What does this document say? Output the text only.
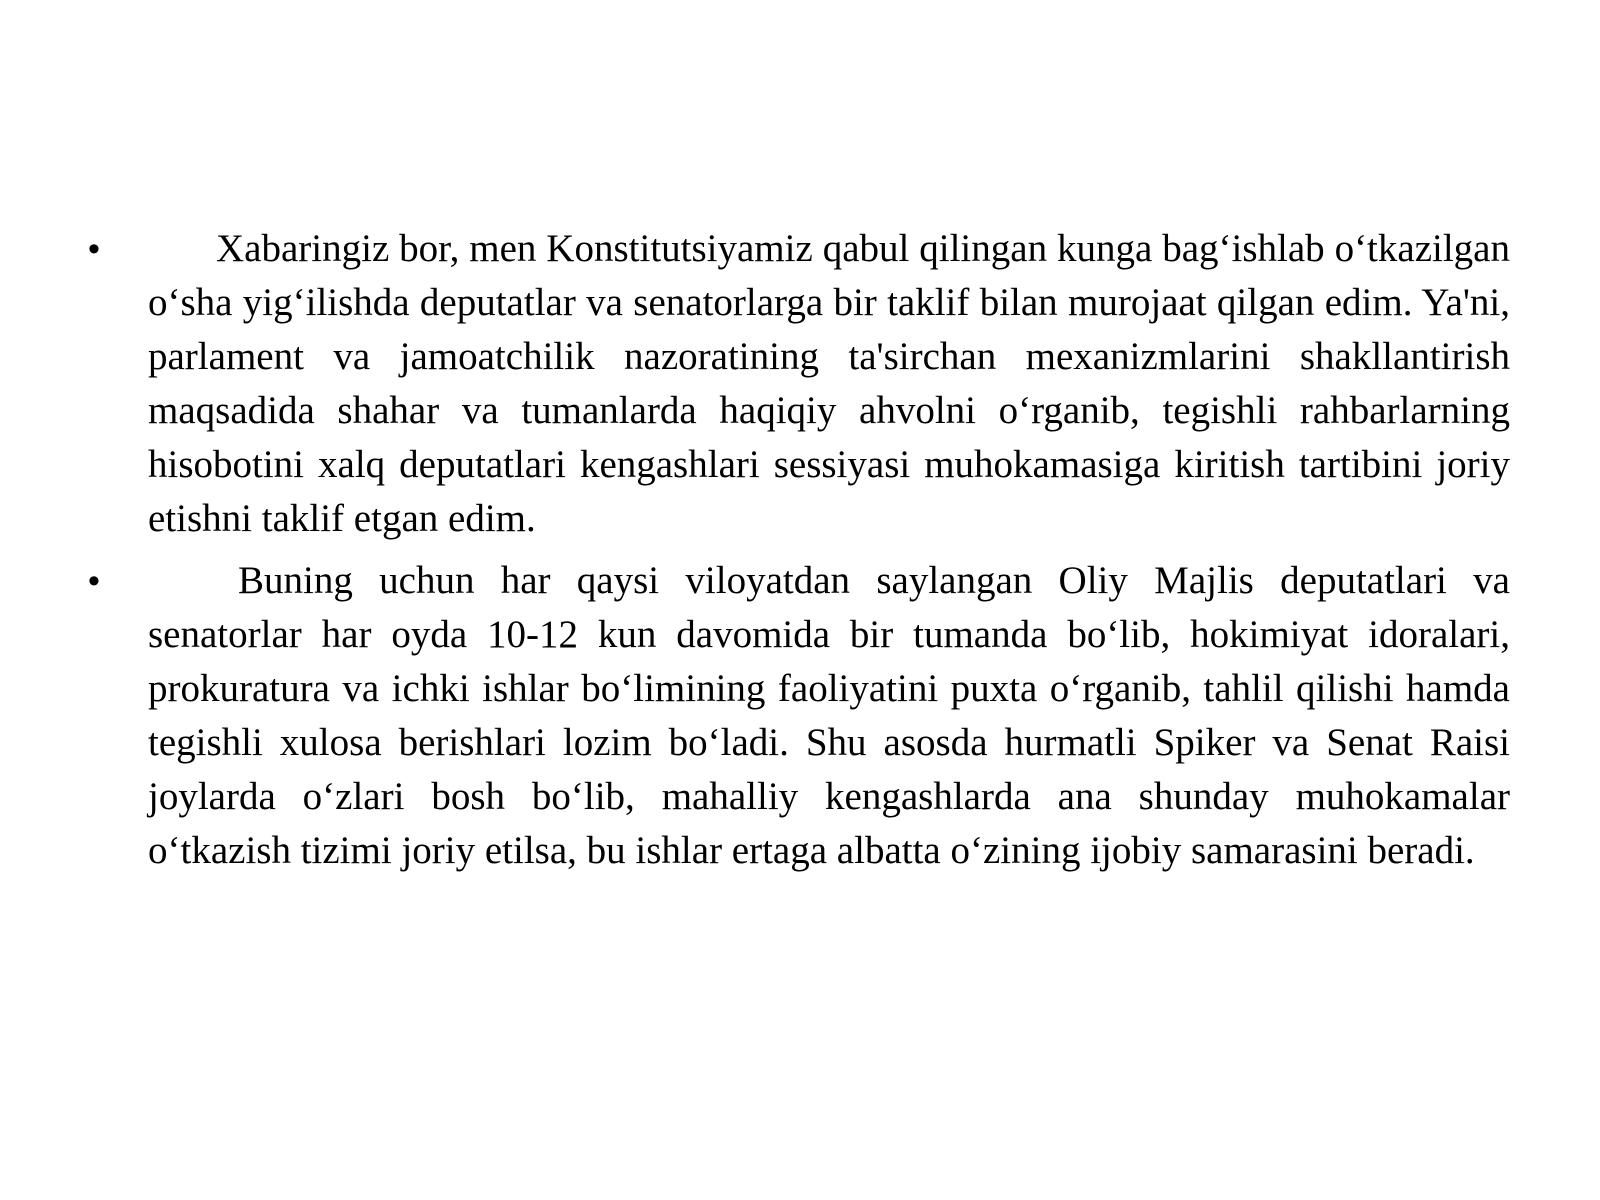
•	Xabaringiz bor, men Konstitutsiyamiz qabul qilingan kunga bag‘ishlab o‘tkazilgan o‘sha yig‘ilishda deputatlar va senatorlarga bir taklif bilan murojaat qilgan edim. Ya'ni, parlament va jamoatchilik nazoratining ta'sirchan mexanizmlarini shakllantirish maqsadida shahar va tumanlarda haqiqiy ahvolni o‘rganib, tegishli rahbarlarning hisobotini xalq deputatlari kengashlari sessiyasi muhokamasiga kiritish tartibini joriy etishni taklif etgan edim.
•	Buning uchun har qaysi viloyatdan saylangan Oliy Majlis deputatlari va senatorlar har oyda 10-12 kun davomida bir tumanda bo‘lib, hokimiyat idoralari, prokuratura va ichki ishlar bo‘limining faoliyatini puxta o‘rganib, tahlil qilishi hamda tegishli xulosa berishlari lozim bo‘ladi. Shu asosda hurmatli Spiker va Senat Raisi joylarda o‘zlari bosh bo‘lib, mahalliy kengashlarda ana shunday muhokamalar o‘tkazish tizimi joriy etilsa, bu ishlar ertaga albatta o‘zining ijobiy samarasini beradi.
